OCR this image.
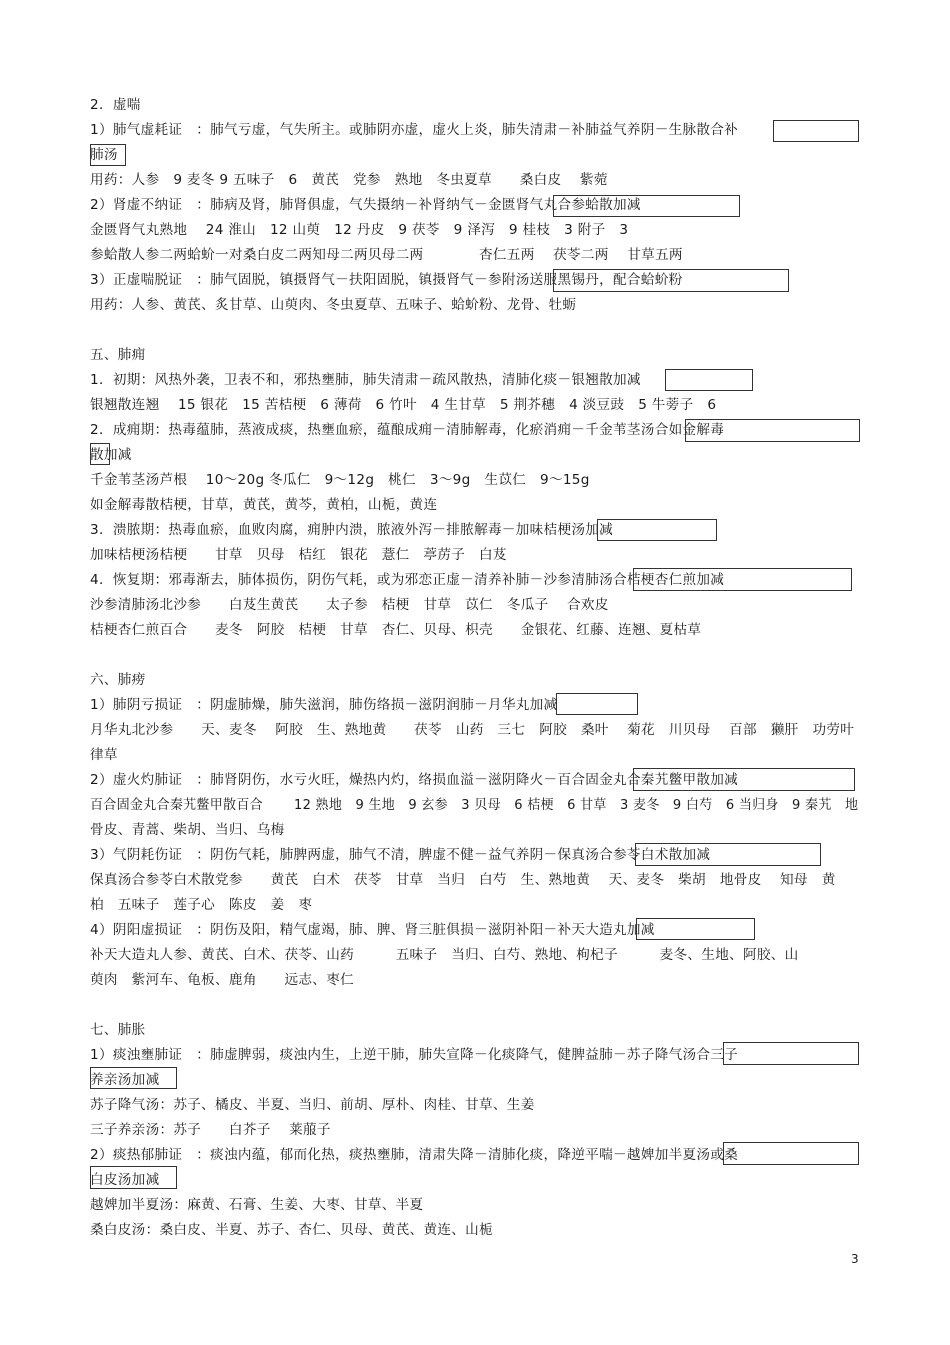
2．虚喘
1）肺气虚耗证　：肺气亏虚，气失所主。或肺阴亦虚，虚火上炎，肺失清肃－补肺益气养阴－生脉散合补
肺汤
用药：人参　9 麦冬 9 五味子　6　黄芪　党参　熟地　冬虫夏草　　桑白皮　 紫菀
2）肾虚不纳证　：肺病及肾，肺肾俱虚，气失摄纳－补肾纳气－金匮肾气丸合参蛤散加减
金匮肾气丸熟地　 24 淮山　12 山萸　12 丹皮　9 茯苓　9 泽泻　9 桂枝　3 附子　3
参蛤散人参二两蛤蚧一对桑白皮二两知母二两贝母二两　　　　杏仁五两　 茯苓二两　 甘草五两
3）正虚喘脱证　：肺气固脱，镇摄肾气－扶阳固脱，镇摄肾气－参附汤送服黑锡丹，配合蛤蚧粉
用药：人参、黄芪、炙甘草、山萸肉、冬虫夏草、五味子、蛤蚧粉、龙骨、牡蛎
五、肺痈
1．初期：风热外袭，卫表不和，邪热壅肺，肺失清肃－疏风散热，清肺化痰－银翘散加减
银翘散连翘　 15 银花　15 苦桔梗　6 薄荷　6 竹叶　4 生甘草　5 荆芥穗　4 淡豆豉　5 牛蒡子　6
2．成痈期：热毒蕴肺，蒸液成痰，热壅血瘀，蕴酿成痈－清肺解毒，化瘀消痈－千金苇茎汤合如金解毒
散加减
千金苇茎汤芦根　 10～20g 冬瓜仁　9～12g　桃仁　3～9g　生苡仁　9～15g
如金解毒散桔梗，甘草，黄芪，黄芩，黄柏，山栀，黄连
3．溃脓期：热毒血瘀，血败肉腐，痈肿内溃，脓液外泻－排脓解毒－加味桔梗汤加减
加味桔梗汤桔梗　　甘草　贝母　桔红　银花　薏仁　葶苈子　白芨
4．恢复期：邪毒渐去，肺体损伤，阴伤气耗，或为邪恋正虚－清养补肺－沙参清肺汤合桔梗杏仁煎加减
沙参清肺汤北沙参　　白芨生黄芪　　太子参　桔梗　甘草　苡仁　冬瓜子　 合欢皮
桔梗杏仁煎百合　　麦冬　阿胶　桔梗　甘草　杏仁、贝母、枳壳　　金银花、红藤、连翘、夏枯草
六、肺痨
1）肺阴亏损证　：阴虚肺燥，肺失滋润，肺伤络损－滋阴润肺－月华丸加减
月华丸北沙参　　天、麦冬　 阿胶　生、熟地黄　　茯苓　山药　三七　阿胶　桑叶　 菊花　川贝母　 百部　獭肝　功劳叶
律草
2）虚火灼肺证　：肺肾阴伤，水亏火旺，燥热内灼，络损血溢－滋阴降火－百合固金丸合秦艽鳖甲散加减
百合固金丸合秦艽鳖甲散百合　　 12 熟地　9 生地　9 玄参　3 贝母　6 桔梗　6 甘草　3 麦冬　9 白芍　6 当归身　9 秦艽　地
骨皮、青蒿、柴胡、当归、乌梅
3）气阴耗伤证　：阴伤气耗，肺脾两虚，肺气不清，脾虚不健－益气养阴－保真汤合参苓白术散加减
保真汤合参苓白术散党参　　黄芪　白术　茯苓　甘草　当归　白芍　生、熟地黄　 天、麦冬　柴胡　地骨皮　 知母　黄
柏　五味子　莲子心　陈皮　姜　枣
4）阴阳虚损证　：阴伤及阳，精气虚竭，肺、脾、肾三脏俱损－滋阴补阳－补天大造丸加减
补天大造丸人参、黄芪、白术、茯苓、山药　　　五味子　当归、白芍、熟地、枸杞子　　　麦冬、生地、阿胶、山
萸肉　紫河车、龟板、鹿角　　远志、枣仁
七、肺胀
1）痰浊壅肺证　：肺虚脾弱，痰浊内生，上逆干肺，肺失宣降－化痰降气，健脾益肺－苏子降气汤合三子
养亲汤加减
苏子降气汤：苏子、橘皮、半夏、当归、前胡、厚朴、肉桂、甘草、生姜
三子养亲汤：苏子　　白芥子　 莱菔子
2）痰热郁肺证　：痰浊内蕴，郁而化热，痰热壅肺，清肃失降－清肺化痰，降逆平喘－越婢加半夏汤或桑
白皮汤加减
越婢加半夏汤：麻黄、石膏、生姜、大枣、甘草、半夏
桑白皮汤：桑白皮、半夏、苏子、杏仁、贝母、黄芪、黄连、山栀
3
